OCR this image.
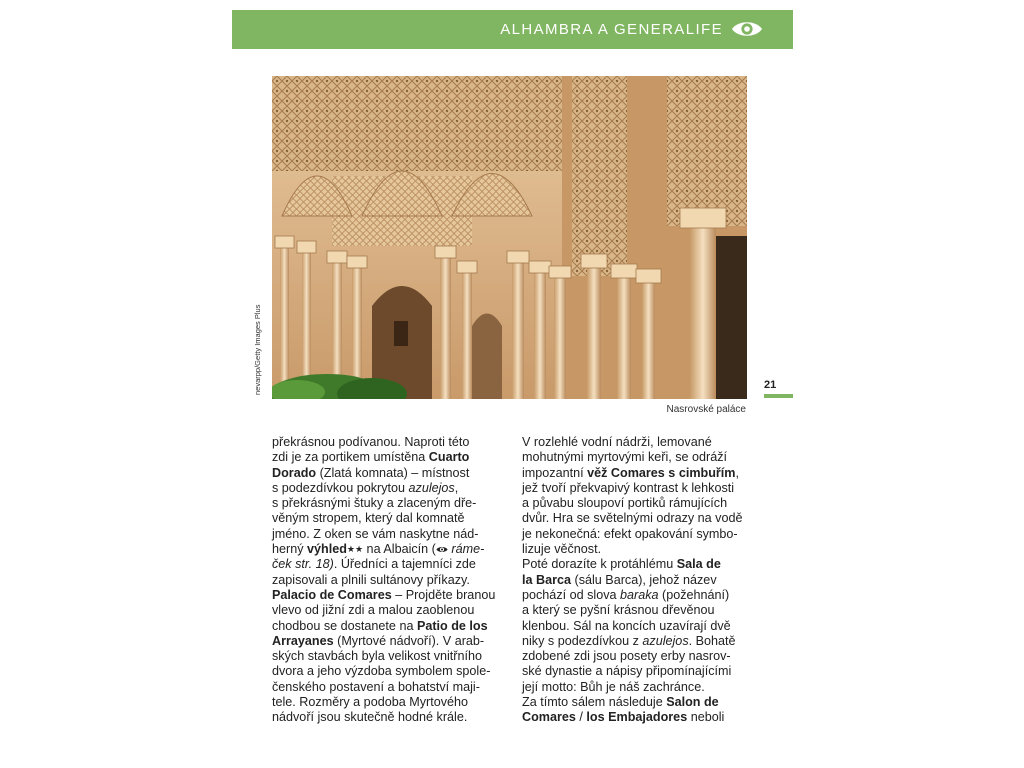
ALHAMBRA A GENERALIFE
nevarpp/Getty Images Plus
Nasrovské paláce
21

překrásnou podívanou. Naproti této
zdi je za portikem umístěna Cuarto
Dorado (Zlatá komnata) – místnost
s podezdívkou pokrytou azulejos,
s překrásnými štuky a zlaceným dře-
věným stropem, který dal komnatě
jméno. Z oken se vám naskytne nád-
herný výhled★★ na Albaicín ( ráme-
ček str. 18). Úředníci a tajemníci zde
zapisovali a plnili sultánovy příkazy.
Palacio de Comares – Projděte branou
vlevo od jižní zdi a malou zaoblenou
chodbou se dostanete na Patio de los
Arrayanes (Myrtové nádvoří). V arab-
ských stavbách byla velikost vnitřního
dvora a jeho výzdoba symbolem spole-
čenského postavení a bohatství maji-
tele. Rozměry a podoba Myrtového
nádvoří jsou skutečně hodné krále.

V rozlehlé vodní nádrži, lemované
mohutnými myrtovými keři, se odráží
impozantní věž Comares s cimbuřím,
jež tvoří překvapivý kontrast k lehkosti
a půvabu sloupoví portiků rámujících
dvůr. Hra se světelnými odrazy na vodě
je nekonečná: efekt opakování symbo-
lizuje věčnost.

Poté dorazíte k protáhlému Sala de
la Barca (sálu Barca), jehož název
pochází od slova baraka (požehnání)
a který se pyšní krásnou dřevěnou
klenbou. Sál na koncích uzavírají dvě
niky s podezdívkou z azulejos. Bohatě
zdobené zdi jsou posety erby nasrov-
ské dynastie a nápisy připomínajícími
její motto: Bůh je náš zachránce.

Za tímto sálem následuje Salon de
Comares / los Embajadores neboli
